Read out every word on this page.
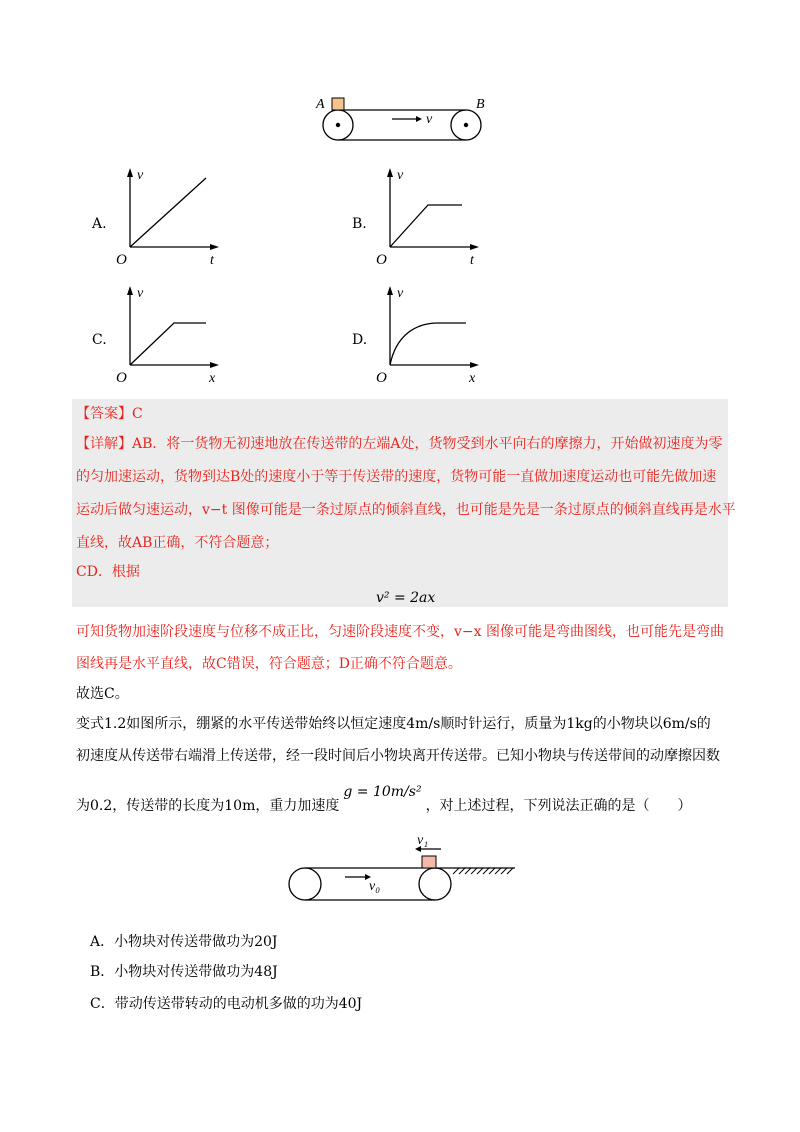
A	B
v
A.
v
O	t
B.
v
O	t
C.
v
O	x
D.
v
O	x
【答案】C
【详解】AB．将一货物无初速地放在传送带的左端A处，货物受到水平向右的摩擦力，开始做初速度为零
的匀加速运动，货物到达B处的速度小于等于传送带的速度，货物可能一直做加速度运动也可能先做加速
运动后做匀速运动，v−t 图像可能是一条过原点的倾斜直线，也可能是先是一条过原点的倾斜直线再是水平
直线，故AB正确，不符合题意；
CD．根据
v² = 2ax
可知货物加速阶段速度与位移不成正比，匀速阶段速度不变，v−x 图像可能是弯曲图线，也可能先是弯曲
图线再是水平直线，故C错误，符合题意；D正确不符合题意。
故选C。
变式1.2如图所示，绷紧的水平传送带始终以恒定速度4m/s顺时针运行，质量为1kg的小物块以6m/s的
初速度从传送带右端滑上传送带，经一段时间后小物块离开传送带。已知小物块与传送带间的动摩擦因数
为0.2，传送带的长度为10m，重力加速度g = 10m/s²，对上述过程，下列说法正确的是（　　）
v₁
v₀
A．小物块对传送带做功为20J
B．小物块对传送带做功为48J
C．带动传送带转动的电动机多做的功为40J
